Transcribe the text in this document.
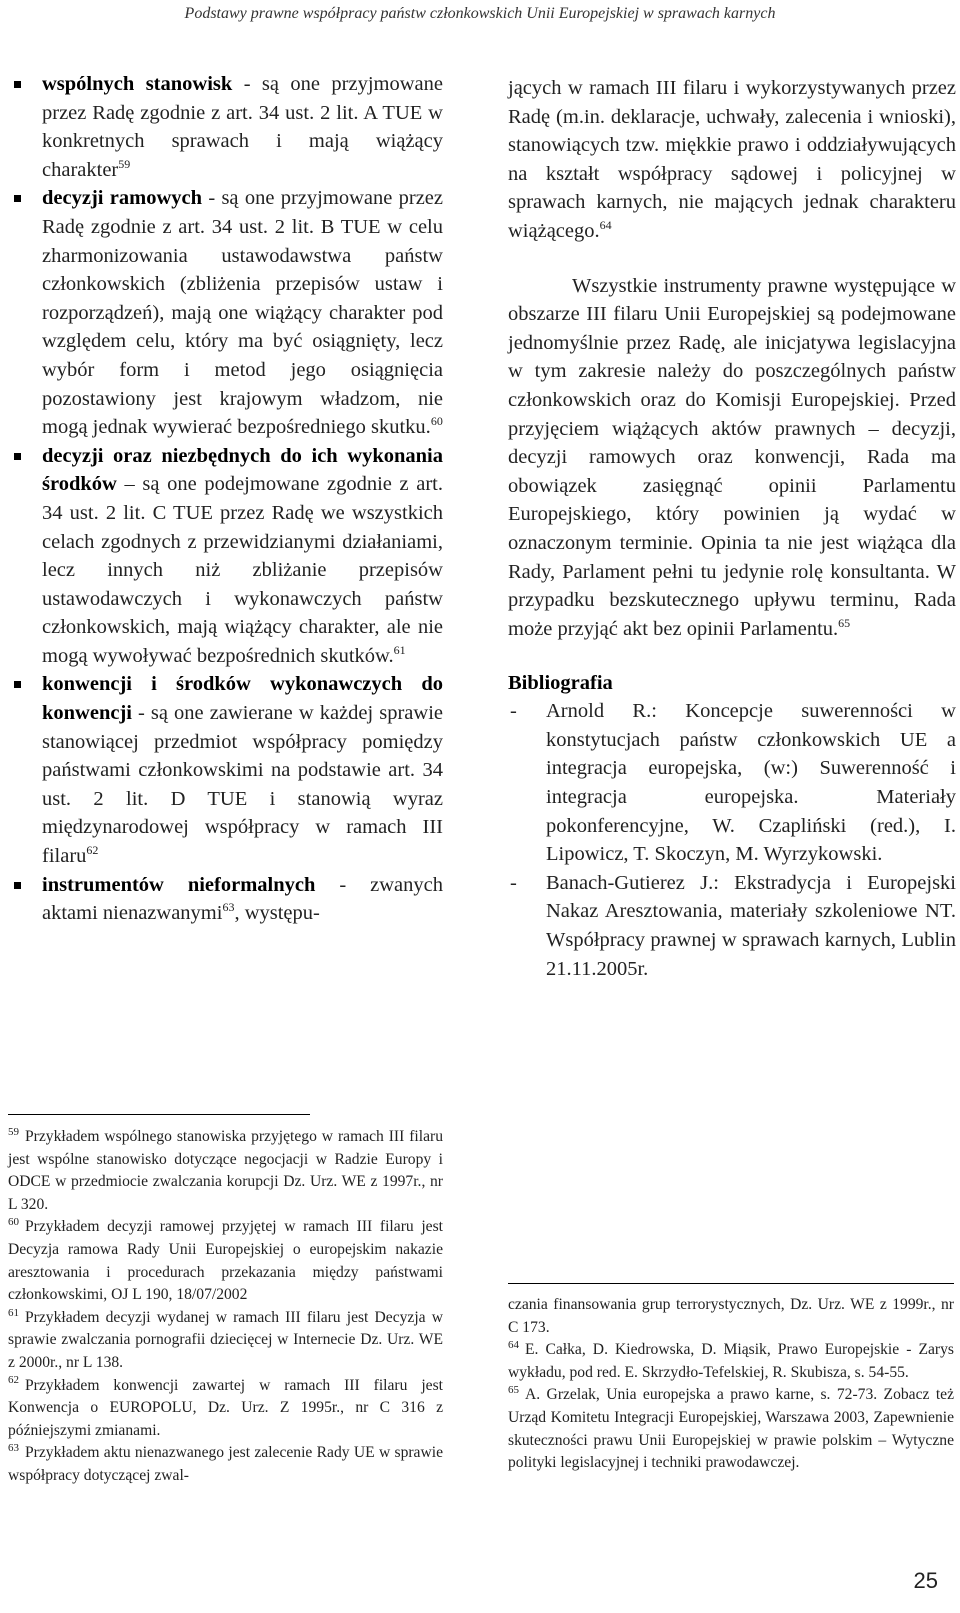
Podstawy prawne współpracy państw członkowskich Unii Europejskiej w sprawach karnych
wspólnych stanowisk - są one przyjmowane przez Radę zgodnie z art. 34 ust. 2 lit. A TUE w konkretnych sprawach i mają wiążący charakter$^{59}$
decyzji ramowych - są one przyjmowane przez Radę zgodnie z art. 34 ust. 2 lit. B TUE w celu zharmonizowania ustawodawstwa państw członkowskich (zbliżenia przepisów ustaw i rozporządzeń), mają one wiążący charakter pod względem celu, który ma być osiągnięty, lecz wybór form i metod jego osiągnięcia pozostawiony jest krajowym władzom, nie mogą jednak wywierać bezpośredniego skutku.$^{60}$
decyzji oraz niezbędnych do ich wykonania środków – są one podejmowane zgodnie z art. 34 ust. 2 lit. C TUE przez Radę we wszystkich celach zgodnych z przewidzianymi działaniami, lecz innych niż zbliżanie przepisów ustawodawczych i wykonawczych państw członkowskich, mają wiążący charakter, ale nie mogą wywoływać bezpośrednich skutków.$^{61}$
konwencji i środków wykonawczych do konwencji - są one zawierane w każdej sprawie stanowiącej przedmiot współpracy pomiędzy państwami członkowskimi na podstawie art. 34 ust. 2 lit. D TUE i stanowią wyraz międzynarodowej współpracy w ramach III filaru$^{62}$
instrumentów nieformalnych - zwanych aktami nienazwanymi$^{63}$, występu-

$^{59}$ Przykładem wspólnego stanowiska przyjętego w ramach III filaru jest wspólne stanowisko dotyczące negocjacji w Radzie Europy i ODCE w przedmiocie zwalczania korupcji Dz. Urz. WE z 1997r., nr L 320.

$^{60}$ Przykładem decyzji ramowej przyjętej w ramach III filaru jest Decyzja ramowa Rady Unii Europejskiej o europejskim nakazie aresztowania i procedurach przekazania między państwami członkowskimi, OJ L 190, 18/07/2002

$^{61}$ Przykładem decyzji wydanej w ramach III filaru jest Decyzja w sprawie zwalczania pornografii dziecięcej w Internecie Dz. Urz. WE z 2000r., nr L 138.

$^{62}$ Przykładem konwencji zawartej w ramach III filaru jest Konwencja o EUROPOLU, Dz. Urz. Z 1995r., nr C 316 z późniejszymi zmianami.

$^{63}$ Przykładem aktu nienazwanego jest zalecenie Rady UE w sprawie współpracy dotyczącej zwal-

jących w ramach III filaru i wykorzystywanych przez Radę (m.in. deklaracje, uchwały, zalecenia i wnioski), stanowiących tzw. miękkie prawo i oddziaływujących na kształt współpracy sądowej i policyjnej w sprawach karnych, nie mających jednak charakteru wiążącego.$^{64}$

Wszystkie instrumenty prawne występujące w obszarze III filaru Unii Europejskiej są podejmowane jednomyślnie przez Radę, ale inicjatywa legislacyjna w tym zakresie należy do poszczególnych państw członkowskich oraz do Komisji Europejskiej. Przed przyjęciem wiążących aktów prawnych – decyzji, decyzji ramowych oraz konwencji, Rada ma obowiązek zasięgnąć opinii Parlamentu Europejskiego, który powinien ją wydać w oznaczonym terminie. Opinia ta nie jest wiążąca dla Rady, Parlament pełni tu jedynie rolę konsultanta. W przypadku bezskutecznego upływu terminu, Rada może przyjąć akt bez opinii Parlamentu.$^{65}$

Bibliografia
- Arnold R.: Koncepcje suwerenności w konstytucjach państw członkowskich UE a integracja europejska, (w:) Suwerenność i integracja europejska. Materiały pokonferencyjne, W. Czapliński (red.), I. Lipowicz, T. Skoczyn, M. Wyrzykowski.
- Banach-Gutierez J.: Ekstradycja i Europejski Nakaz Aresztowania, materiały szkoleniowe NT. Współpracy prawnej w sprawach karnych, Lublin 21.11.2005r.

czania finansowania grup terrorystycznych, Dz. Urz. WE z 1999r., nr C 173.

$^{64}$ E. Całka, D. Kiedrowska, D. Miąsik, Prawo Europejskie - Zarys wykładu, pod red. E. Skrzydło-Tefelskiej, R. Skubisza, s. 54-55.

$^{65}$ A. Grzelak, Unia europejska a prawo karne, s. 72-73. Zobacz też Urząd Komitetu Integracji Europejskiej, Warszawa 2003, Zapewnienie skuteczności prawu Unii Europejskiej w prawie polskim – Wytyczne polityki legislacyjnej i techniki prawodawczej.

25
